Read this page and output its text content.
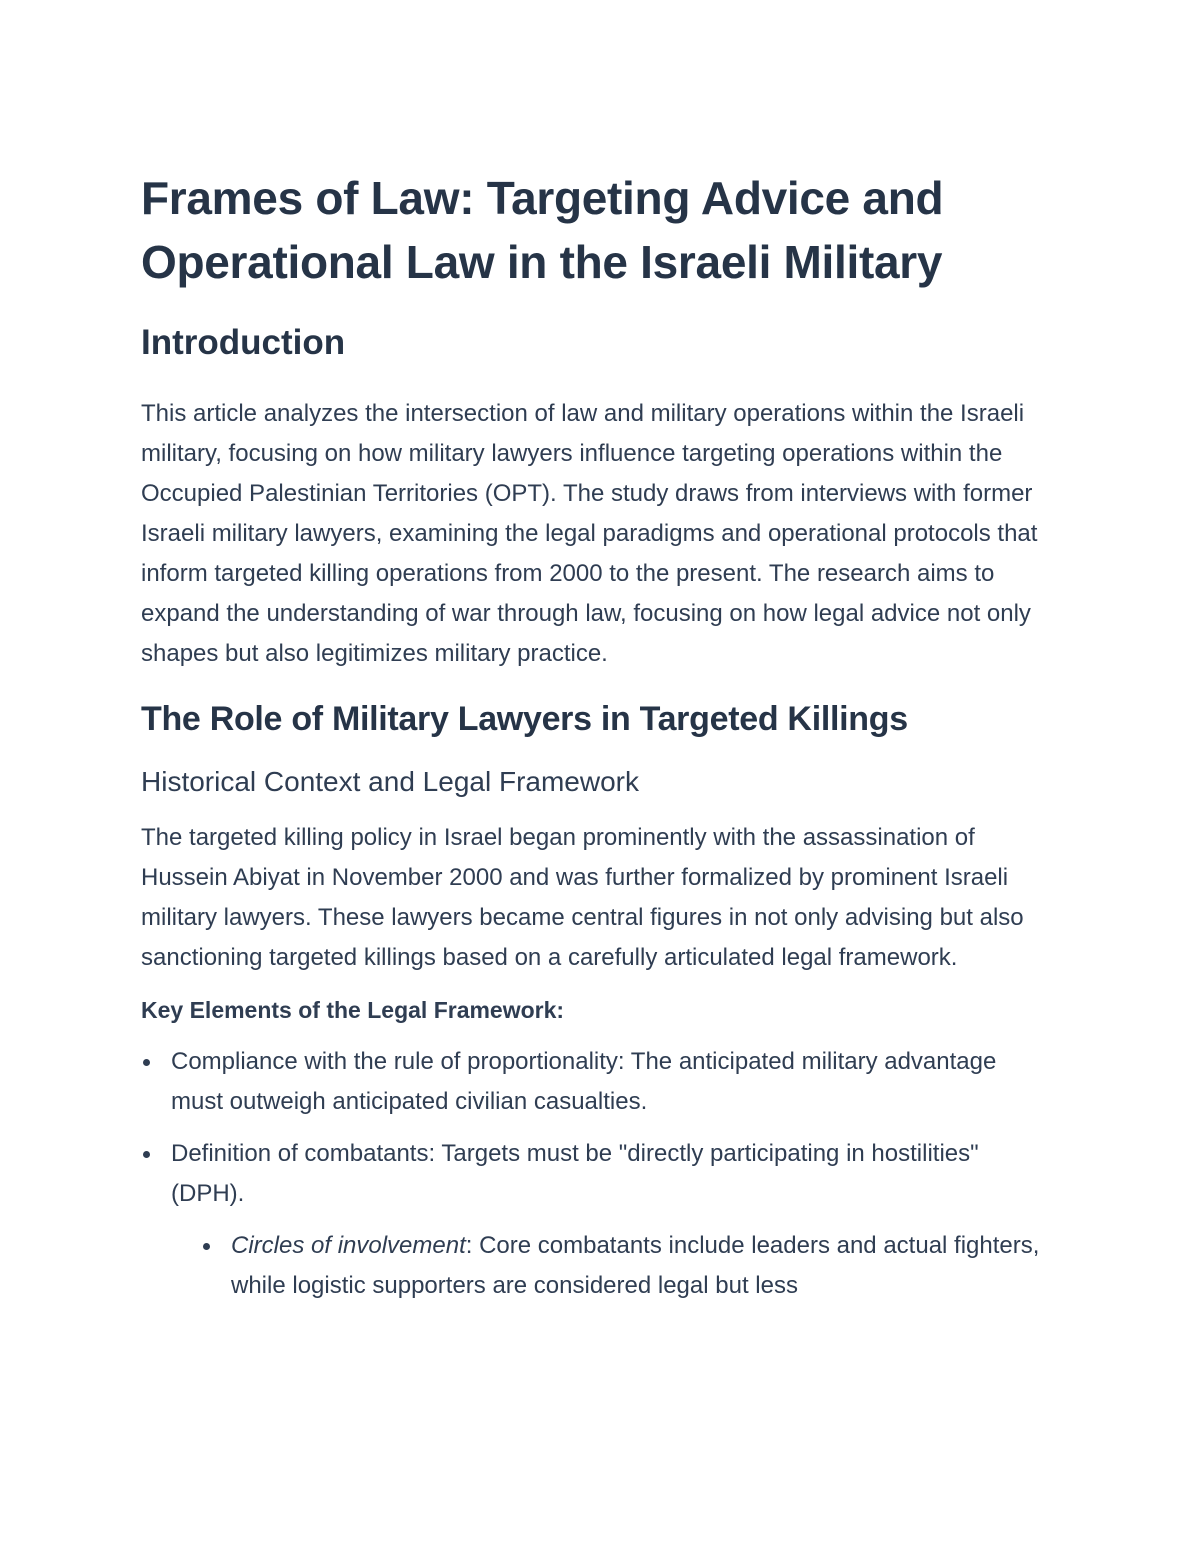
Frames of Law: Targeting Advice and Operational Law in the Israeli Military
Introduction

This article analyzes the intersection of law and military operations within the Israeli military, focusing on how military lawyers influence targeting operations within the Occupied Palestinian Territories (OPT). The study draws from interviews with former Israeli military lawyers, examining the legal paradigms and operational protocols that inform targeted killing operations from 2000 to the present. The research aims to expand the understanding of war through law, focusing on how legal advice not only shapes but also legitimizes military practice.

The Role of Military Lawyers in Targeted Killings
Historical Context and Legal Framework

The targeted killing policy in Israel began prominently with the assassination of Hussein Abiyat in November 2000 and was further formalized by prominent Israeli military lawyers. These lawyers became central figures in not only advising but also sanctioning targeted killings based on a carefully articulated legal framework.

Key Elements of the Legal Framework:

Compliance with the rule of proportionality: The anticipated military advantage must outweigh anticipated civilian casualties.
Definition of combatants: Targets must be "directly participating in hostilities" (DPH).
Circles of involvement: Core combatants include leaders and actual fighters, while logistic supporters are considered legal but less
